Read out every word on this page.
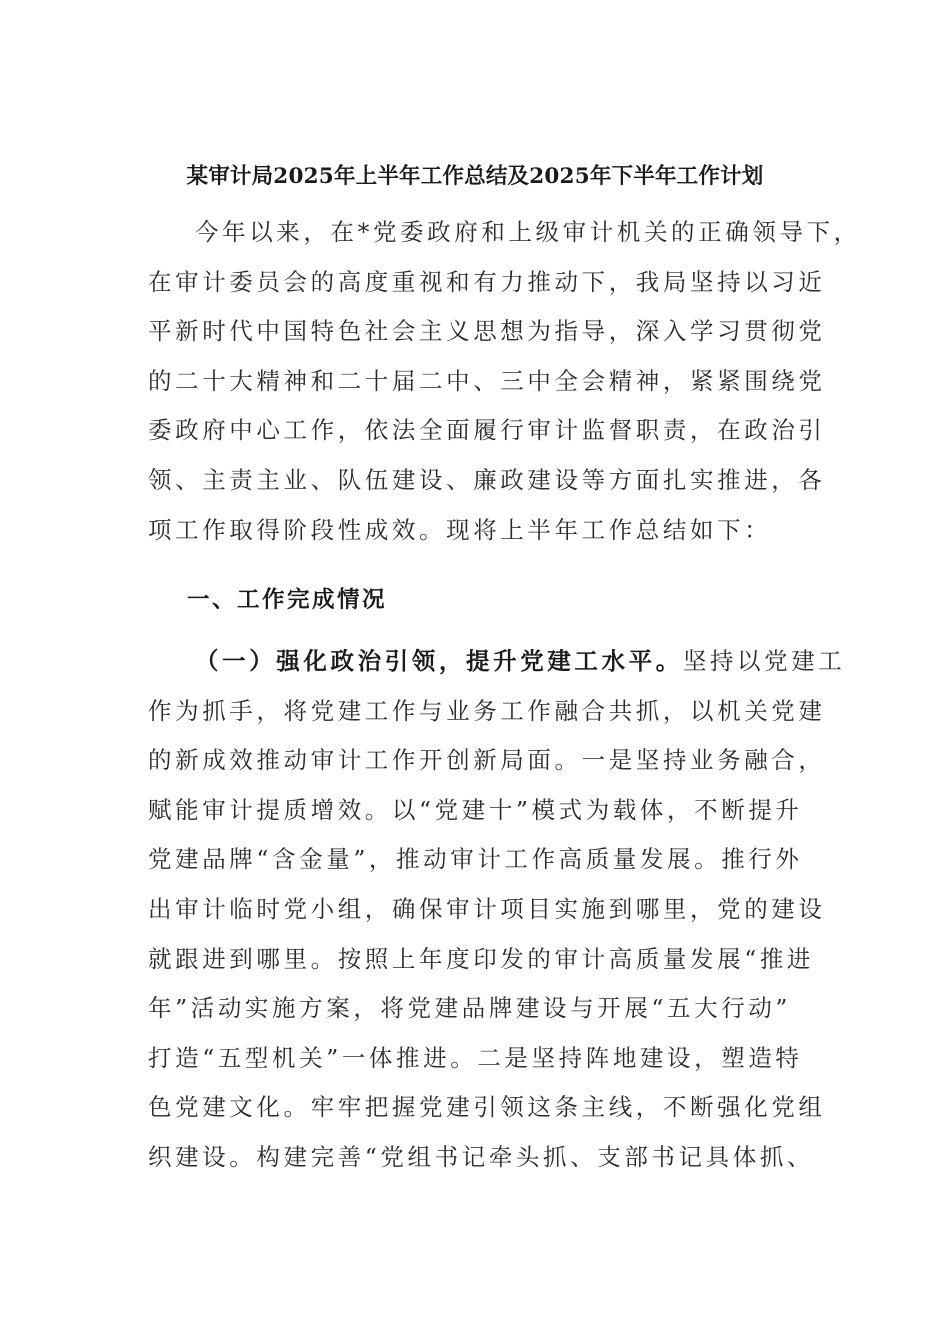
某审计局2025年上半年工作总结及2025年下半年工作计划
今年以来，在*党委政府和上级审计机关的正确领导下，
在审计委员会的高度重视和有力推动下，我局坚持以习近
平新时代中国特色社会主义思想为指导，深入学习贯彻党
的二十大精神和二十届二中、三中全会精神，紧紧围绕党
委政府中心工作，依法全面履行审计监督职责，在政治引
领、主责主业、队伍建设、廉政建设等方面扎实推进，各
项工作取得阶段性成效。现将上半年工作总结如下：
一、工作完成情况
（一）强化政治引领，提升党建工水平。坚持以党建工
作为抓手，将党建工作与业务工作融合共抓，以机关党建
的新成效推动审计工作开创新局面。一是坚持业务融合，
赋能审计提质增效。以“党建十”模式为载体，不断提升
党建品牌“含金量”，推动审计工作高质量发展。推行外
出审计临时党小组，确保审计项目实施到哪里，党的建设
就跟进到哪里。按照上年度印发的审计高质量发展“推进
年”活动实施方案，将党建品牌建设与开展“五大行动”
打造“五型机关”一体推进。二是坚持阵地建设，塑造特
色党建文化。牢牢把握党建引领这条主线，不断强化党组
织建设。构建完善“党组书记牵头抓、支部书记具体抓、
